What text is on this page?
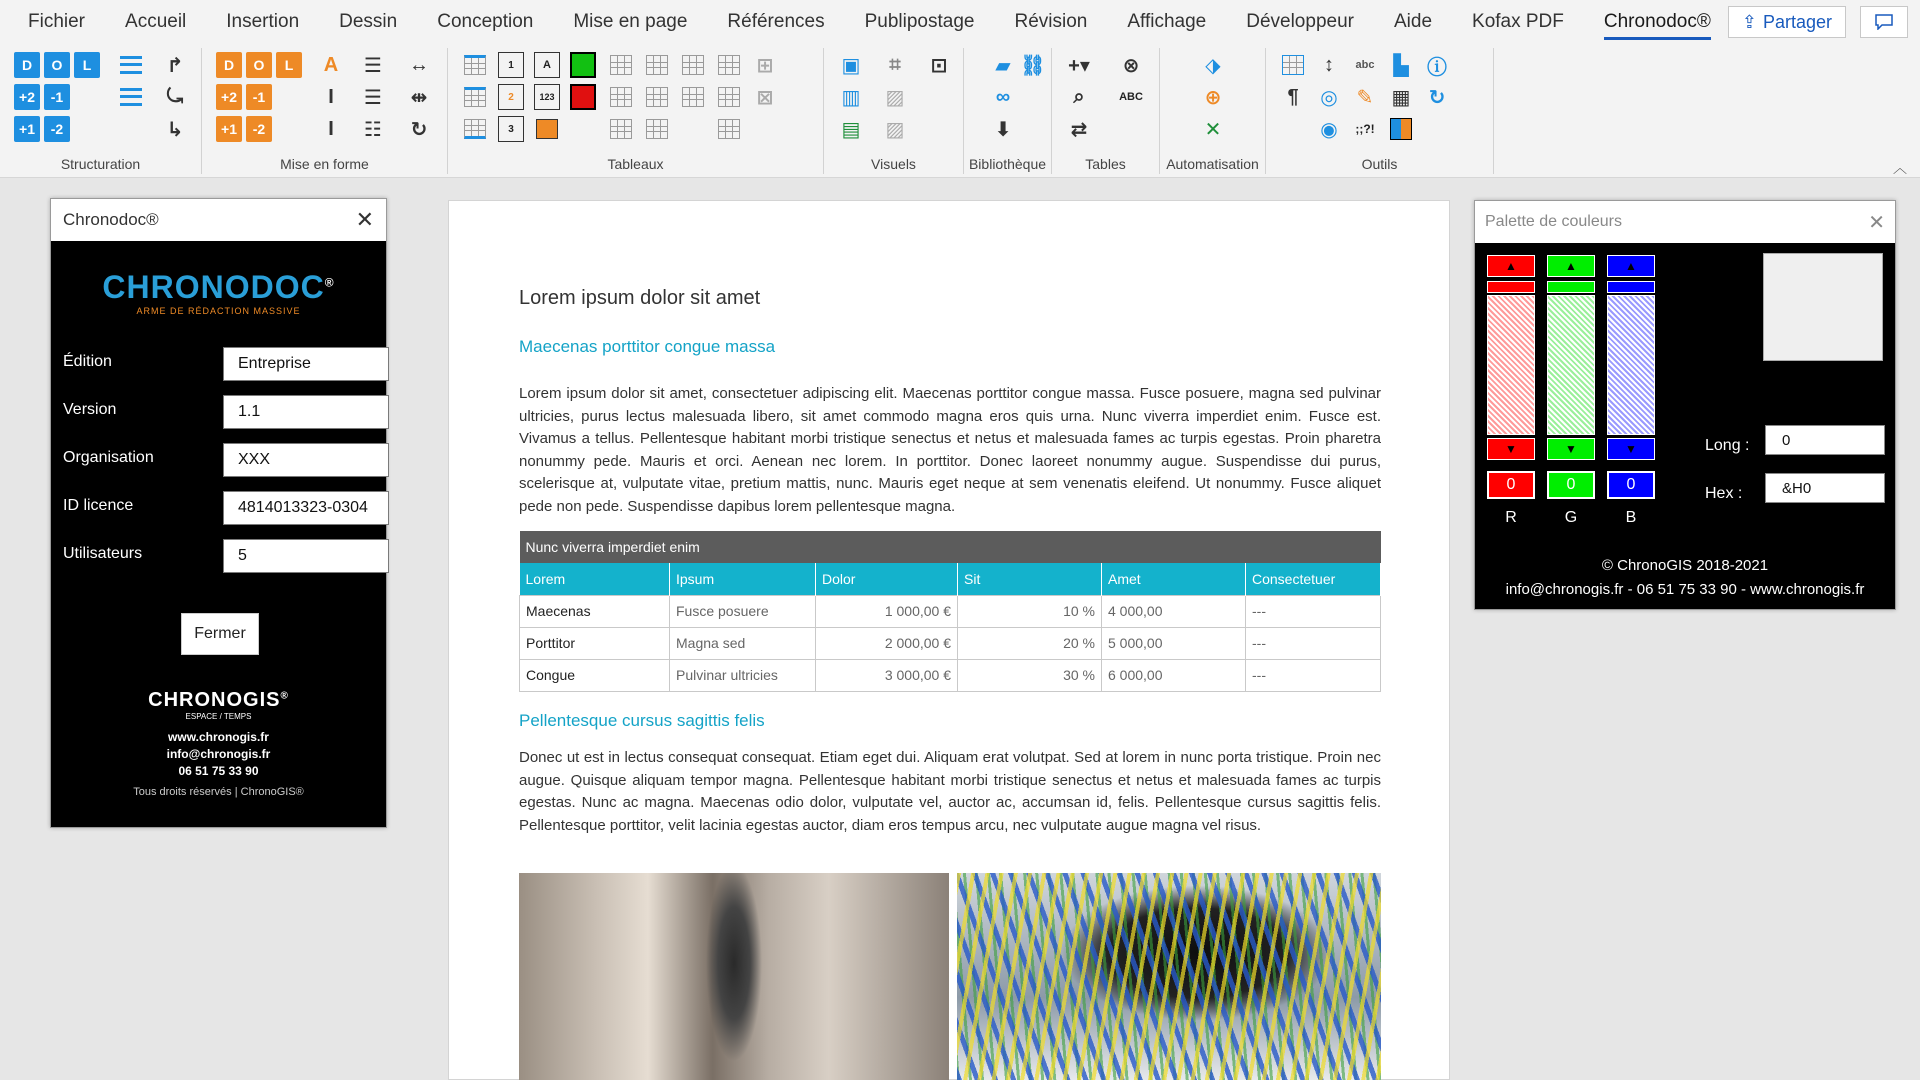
Fichier	Accueil	Insertion	Dessin	Conception	Mise en page	Références	Publipostage	Révision	Affichage	Développeur	Aide	Kofax PDF	Chronodoc®	⇪ Partager
D	O	L
+2	-1
+1	-2
↱
⤿
↳
Structuration
D	O	L
+2	-1
+1	-2
A
I
I
☰
☰
☷
↔
⇹
↻
Mise en forme
1	A
2	123
3
⊞
⊠
Tableaux
▣	⌗	⊡
▥ ▨
▤ ▨
Visuels
▰
∞
⬇
⛓
Bibliothèque
+▾ ⊗
⌕	ABC
⇄
Tables
⬗
⊕
✕
Automatisation
↕	abc ▙ ⓘ
¶	◎ ✎ ▦ ↻
◉	;;?!
Outils	︿
Chronodoc®	✕
CHRONODOC®
ARME DE RÉDACTION MASSIVE
Édition	Entreprise
Version	1.1
Organisation	XXX
ID licence	4814013323-0304
Utilisateurs	5
Fermer
CHRONOGIS®
ESPACE / TEMPS
www.chronogis.fr
info@chronogis.fr
06 51 75 33 90
Tous droits réservés | ChronoGIS®
Lorem ipsum dolor sit amet
Maecenas porttitor congue massa
Lorem ipsum dolor sit amet, consectetuer adipiscing elit. Maecenas porttitor congue massa. Fusce posuere, magna sed pulvinar ultricies, purus lectus malesuada libero, sit amet commodo magna eros quis urna. Nunc viverra imperdiet enim. Fusce est. Vivamus a tellus. Pellentesque habitant morbi tristique senectus et netus et malesuada fames ac turpis egestas. Proin pharetra nonummy pede. Mauris et orci. Aenean nec lorem. In porttitor. Donec laoreet nonummy augue. Suspendisse dui purus, scelerisque at, vulputate vitae, pretium mattis, nunc. Mauris eget neque at sem venenatis eleifend. Ut nonummy. Fusce aliquet pede non pede. Suspendisse dapibus lorem pellentesque magna.
Nunc viverra imperdiet enim					
Lorem	Ipsum	Dolor	Sit	Amet	Consectetuer
Maecenas	Fusce posuere	1 000,00 €	10 %	4 000,00	---
Porttitor	Magna sed	2 000,00 €	20 %	5 000,00	---
Congue	Pulvinar ultricies	3 000,00 €	30 %	6 000,00	---
Pellentesque cursus sagittis felis
Donec ut est in lectus consequat consequat. Etiam eget dui. Aliquam erat volutpat. Sed at lorem in nunc porta tristique. Proin nec augue. Quisque aliquam tempor magna. Pellentesque habitant morbi tristique senectus et netus et malesuada fames ac turpis egestas. Nunc ac magna. Maecenas odio dolor, vulputate vel, auctor ac, accumsan id, felis. Pellentesque cursus sagittis felis. Pellentesque porttitor, velit lacinia egestas auctor, diam eros tempus arcu, nec vulputate augue magna vel risus.
Palette de couleurs	✕
▲
▼
▲
▼
▲
▼
0	0	0
R	G	B
Long :	0
Hex :	&H0
© ChronoGIS 2018-2021
info@chronogis.fr - 06 51 75 33 90 - www.chronogis.fr
